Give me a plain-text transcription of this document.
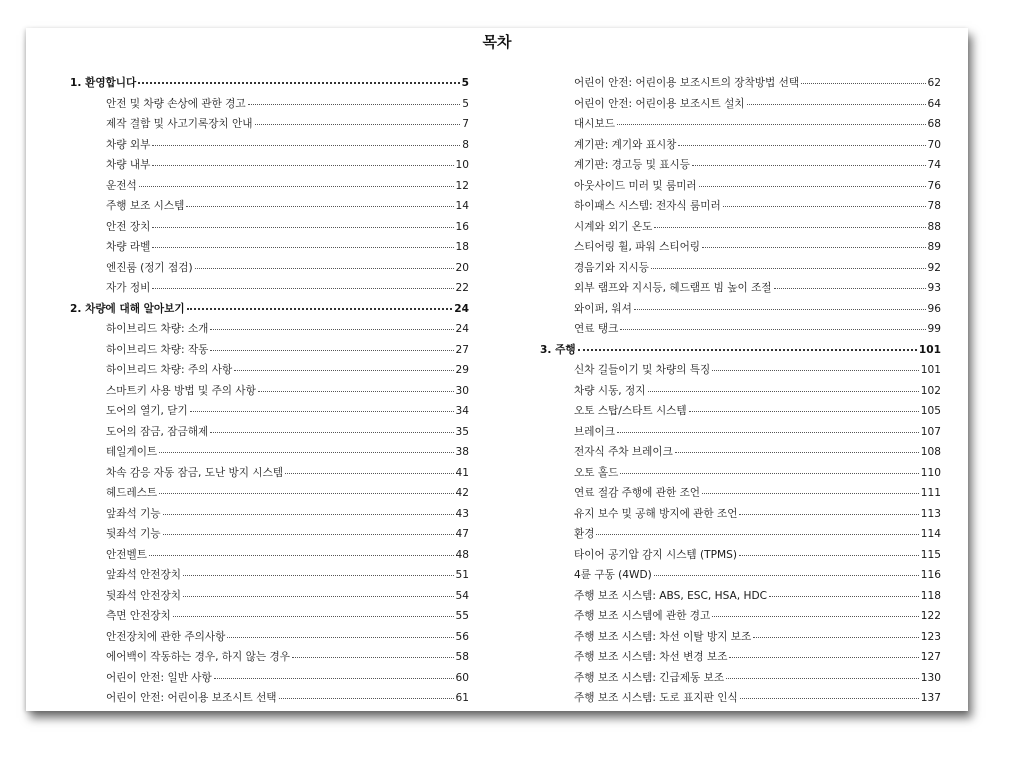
목차
1. 환영합니다	5
안전 및 차량 손상에 관한 경고	5
제작 결함 및 사고기록장치 안내	7
차량 외부	8
차량 내부	10
운전석	12
주행 보조 시스템	14
안전 장치	16
차량 라벨	18
엔진룸 (정기 점검)	20
자가 정비	22
2. 차량에 대해 알아보기	24
하이브리드 차량: 소개	24
하이브리드 차량: 작동	27
하이브리드 차량: 주의 사항	29
스마트키 사용 방법 및 주의 사항	30
도어의 열기, 닫기	34
도어의 잠금, 잠금해제	35
테일게이트	38
차속 감응 자동 잠금, 도난 방지 시스템	41
헤드레스트	42
앞좌석 기능	43
뒷좌석 기능	47
안전벨트	48
앞좌석 안전장치	51
뒷좌석 안전장치	54
측면 안전장치	55
안전장치에 관한 주의사항	56
에어백이 작동하는 경우, 하지 않는 경우	58
어린이 안전: 일반 사항	60
어린이 안전: 어린이용 보조시트 선택	61
어린이 안전: 어린이용 보조시트의 장착방법 선택	62
어린이 안전: 어린이용 보조시트 설치	64
대시보드	68
계기판: 계기와 표시창	70
계기판: 경고등 및 표시등	74
아웃사이드 미러 및 룸미러	76
하이패스 시스템: 전자식 룸미러	78
시계와 외기 온도	88
스티어링 휠, 파워 스티어링	89
경음기와 지시등	92
외부 램프와 지시등, 헤드램프 빔 높이 조절	93
와이퍼, 워셔	96
연료 탱크	99
3. 주행	101
신차 길들이기 및 차량의 특징	101
차량 시동, 정지	102
오토 스탑/스타트 시스템	105
브레이크	107
전자식 주차 브레이크	108
오토 홀드	110
연료 절감 주행에 관한 조언	111
유지 보수 및 공해 방지에 관한 조언	113
환경	114
타이어 공기압 감지 시스템 (TPMS)	115
4륜 구동 (4WD)	116
주행 보조 시스템: ABS, ESC, HSA, HDC	118
주행 보조 시스템에 관한 경고	122
주행 보조 시스템: 차선 이탈 방지 보조	123
주행 보조 시스템: 차선 변경 보조	127
주행 보조 시스템: 긴급제동 보조	130
주행 보조 시스템: 도로 표지판 인식	137
